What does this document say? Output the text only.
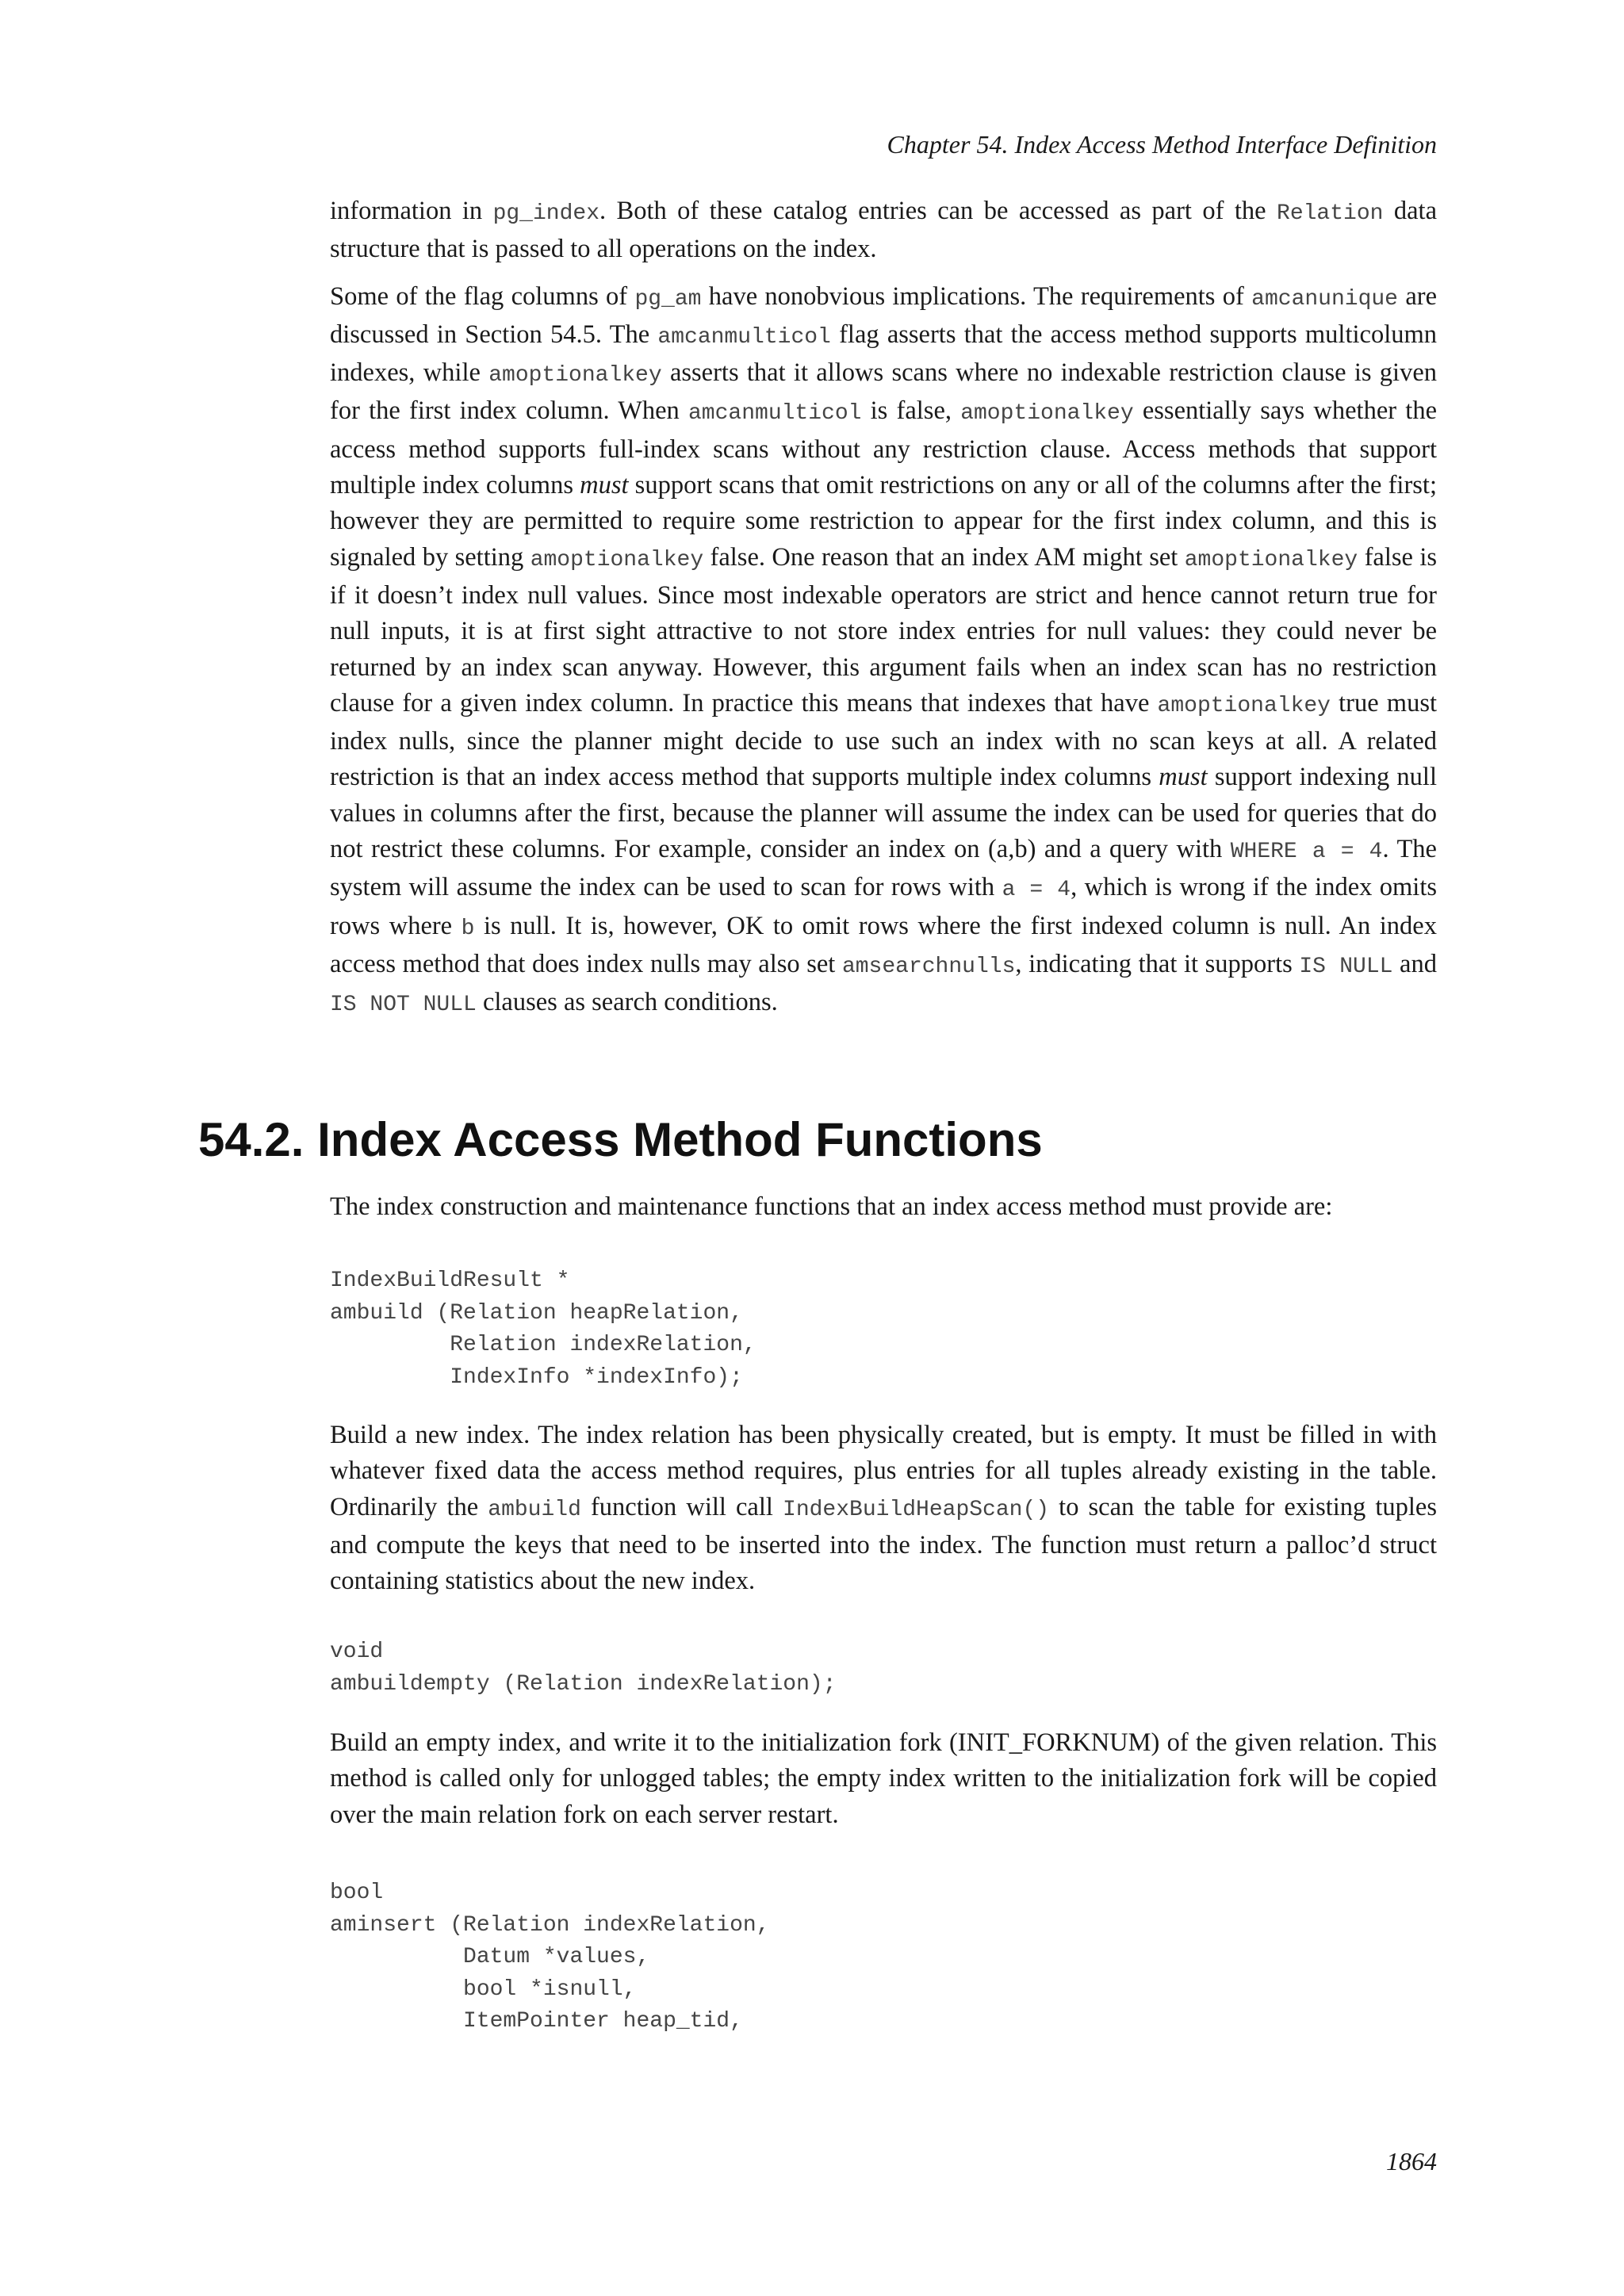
Chapter 54. Index Access Method Interface Definition

information in pg_index. Both of these catalog entries can be accessed as part of the Relation data structure that is passed to all operations on the index.

Some of the flag columns of pg_am have nonobvious implications. The requirements of amcanunique are discussed in Section 54.5. The amcanmulticol flag asserts that the access method supports multicolumn indexes, while amoptionalkey asserts that it allows scans where no indexable restriction clause is given for the first index column. When amcanmulticol is false, amoptionalkey essentially says whether the access method supports full-index scans without any restriction clause. Access methods that support multiple index columns must support scans that omit restrictions on any or all of the columns after the first; however they are permitted to require some restriction to appear for the first index column, and this is signaled by setting amoptionalkey false. One reason that an index AM might set amoptionalkey false is if it doesn’t index null values. Since most indexable operators are strict and hence cannot return true for null inputs, it is at first sight attractive to not store index entries for null values: they could never be returned by an index scan anyway. However, this argument fails when an index scan has no restriction clause for a given index column. In practice this means that indexes that have amoptionalkey true must index nulls, since the planner might decide to use such an index with no scan keys at all. A related restriction is that an index access method that supports multiple index columns must support indexing null values in columns after the first, because the planner will assume the index can be used for queries that do not restrict these columns. For example, consider an index on (a,b) and a query with WHERE a = 4. The system will assume the index can be used to scan for rows with a = 4, which is wrong if the index omits rows where b is null. It is, however, OK to omit rows where the first indexed column is null. An index access method that does index nulls may also set amsearchnulls, indicating that it supports IS NULL and IS NOT NULL clauses as search conditions.

54.2. Index Access Method Functions

The index construction and maintenance functions that an index access method must provide are:

IndexBuildResult *
ambuild (Relation heapRelation,
Relation indexRelation,
IndexInfo *indexInfo);

Build a new index. The index relation has been physically created, but is empty. It must be filled in with whatever fixed data the access method requires, plus entries for all tuples already existing in the table. Ordinarily the ambuild function will call IndexBuildHeapScan() to scan the table for existing tuples and compute the keys that need to be inserted into the index. The function must return a palloc’d struct containing statistics about the new index.

void
ambuildempty (Relation indexRelation);

Build an empty index, and write it to the initialization fork (INIT_FORKNUM) of the given relation. This method is called only for unlogged tables; the empty index written to the initialization fork will be copied over the main relation fork on each server restart.

bool
aminsert (Relation indexRelation,
Datum *values,
bool *isnull,
ItemPointer heap_tid,
1864
